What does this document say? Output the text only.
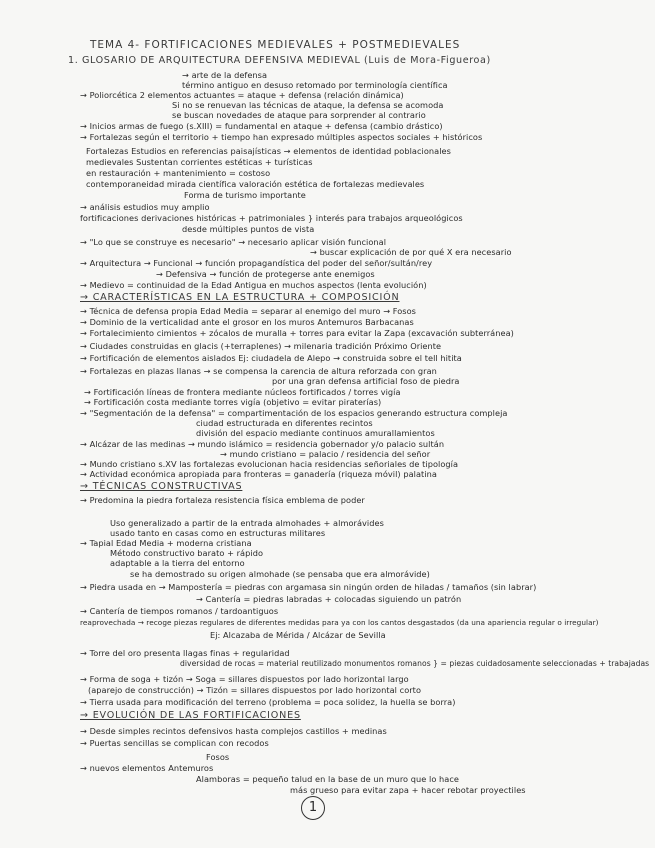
TEMA 4- FORTIFICACIONES MEDIEVALES + POSTMEDIEVALES
1. GLOSARIO DE ARQUITECTURA DEFENSIVA MEDIEVAL (Luis de Mora-Figueroa)
→ arte de la defensa
término antiguo en desuso retomado por terminología científica
→ Poliorcética 2 elementos actuantes = ataque + defensa (relación dinámica)
Si no se renuevan las técnicas de ataque, la defensa se acomoda
se buscan novedades de ataque para sorprender al contrario
→ Inicios armas de fuego (s.XIII) = fundamental en ataque + defensa (cambio drástico)
→ Fortalezas según el territorio + tiempo han expresado múltiples aspectos sociales + históricos
Fortalezas Estudios en referencias paisajísticas → elementos de identidad poblacionales
medievales Sustentan corrientes estéticas + turísticas
en restauración + mantenimiento = costoso
contemporaneidad mirada científica valoración estética de fortalezas medievales
Forma de turismo importante
→ análisis estudios muy amplio
fortificaciones derivaciones históricas + patrimoniales } interés para trabajos arqueológicos
desde múltiples puntos de vista
→ "Lo que se construye es necesario" → necesario aplicar visión funcional
→ buscar explicación de por qué X era necesario
→ Arquitectura → Funcional → función propagandística del poder del señor/sultán/rey
→ Defensiva → función de protegerse ante enemigos
→ Medievo = continuidad de la Edad Antigua en muchos aspectos (lenta evolución)
→ CARACTERÍSTICAS EN LA ESTRUCTURA + COMPOSICIÓN
→ Técnica de defensa propia Edad Media = separar al enemigo del muro → Fosos
→ Dominio de la verticalidad ante el grosor en los muros Antemuros Barbacanas
→ Fortalecimiento cimientos + zócalos de muralla + torres para evitar la Zapa (excavación subterránea)
→ Ciudades construidas en glacis (+terraplenes) → milenaria tradición Próximo Oriente
→ Fortificación de elementos aislados Ej: ciudadela de Alepo → construida sobre el tell hitita
→ Fortalezas en plazas llanas → se compensa la carencia de altura reforzada con gran
por una gran defensa artificial foso de piedra
→ Fortificación líneas de frontera mediante núcleos fortificados / torres vigía
→ Fortificación costa mediante torres vigía (objetivo = evitar piraterías)
→ "Segmentación de la defensa" = compartimentación de los espacios generando estructura compleja
ciudad estructurada en diferentes recintos
división del espacio mediante continuos amurallamientos
→ Alcázar de las medinas → mundo islámico = residencia gobernador y/o palacio sultán
→ mundo cristiano = palacio / residencia del señor
→ Mundo cristiano s.XV las fortalezas evolucionan hacia residencias señoriales de tipología
→ Actividad económica apropiada para fronteras = ganadería (riqueza móvil) palatina
→ TÉCNICAS CONSTRUCTIVAS
→ Predomina la piedra fortaleza resistencia física emblema de poder
Uso generalizado a partir de la entrada almohades + almorávides
usado tanto en casas como en estructuras militares
→ Tapial Edad Media + moderna cristiana
Método constructivo barato + rápido
adaptable a la tierra del entorno
se ha demostrado su origen almohade (se pensaba que era almorávide)
→ Piedra usada en → Mampostería = piedras con argamasa sin ningún orden de hiladas / tamaños (sin labrar)
→ Cantería = piedras labradas + colocadas siguiendo un patrón
→ Cantería de tiempos romanos / tardoantiguos
reaprovechada → recoge piezas regulares de diferentes medidas para ya con los cantos desgastados (da una apariencia regular o irregular)
Ej: Alcazaba de Mérida / Alcázar de Sevilla
→ Torre del oro presenta llagas finas + regularidad
diversidad de rocas = material reutilizado monumentos romanos } = piezas cuidadosamente seleccionadas + trabajadas
→ Forma de soga + tizón → Soga = sillares dispuestos por lado horizontal largo
(aparejo de construcción) → Tizón = sillares dispuestos por lado horizontal corto
→ Tierra usada para modificación del terreno (problema = poca solidez, la huella se borra)
→ EVOLUCIÓN DE LAS FORTIFICACIONES
→ Desde simples recintos defensivos hasta complejos castillos + medinas
→ Puertas sencillas se complican con recodos
Fosos
→ nuevos elementos Antemuros
Alamboras = pequeño talud en la base de un muro que lo hace
más grueso para evitar zapa + hacer rebotar proyectiles
1
